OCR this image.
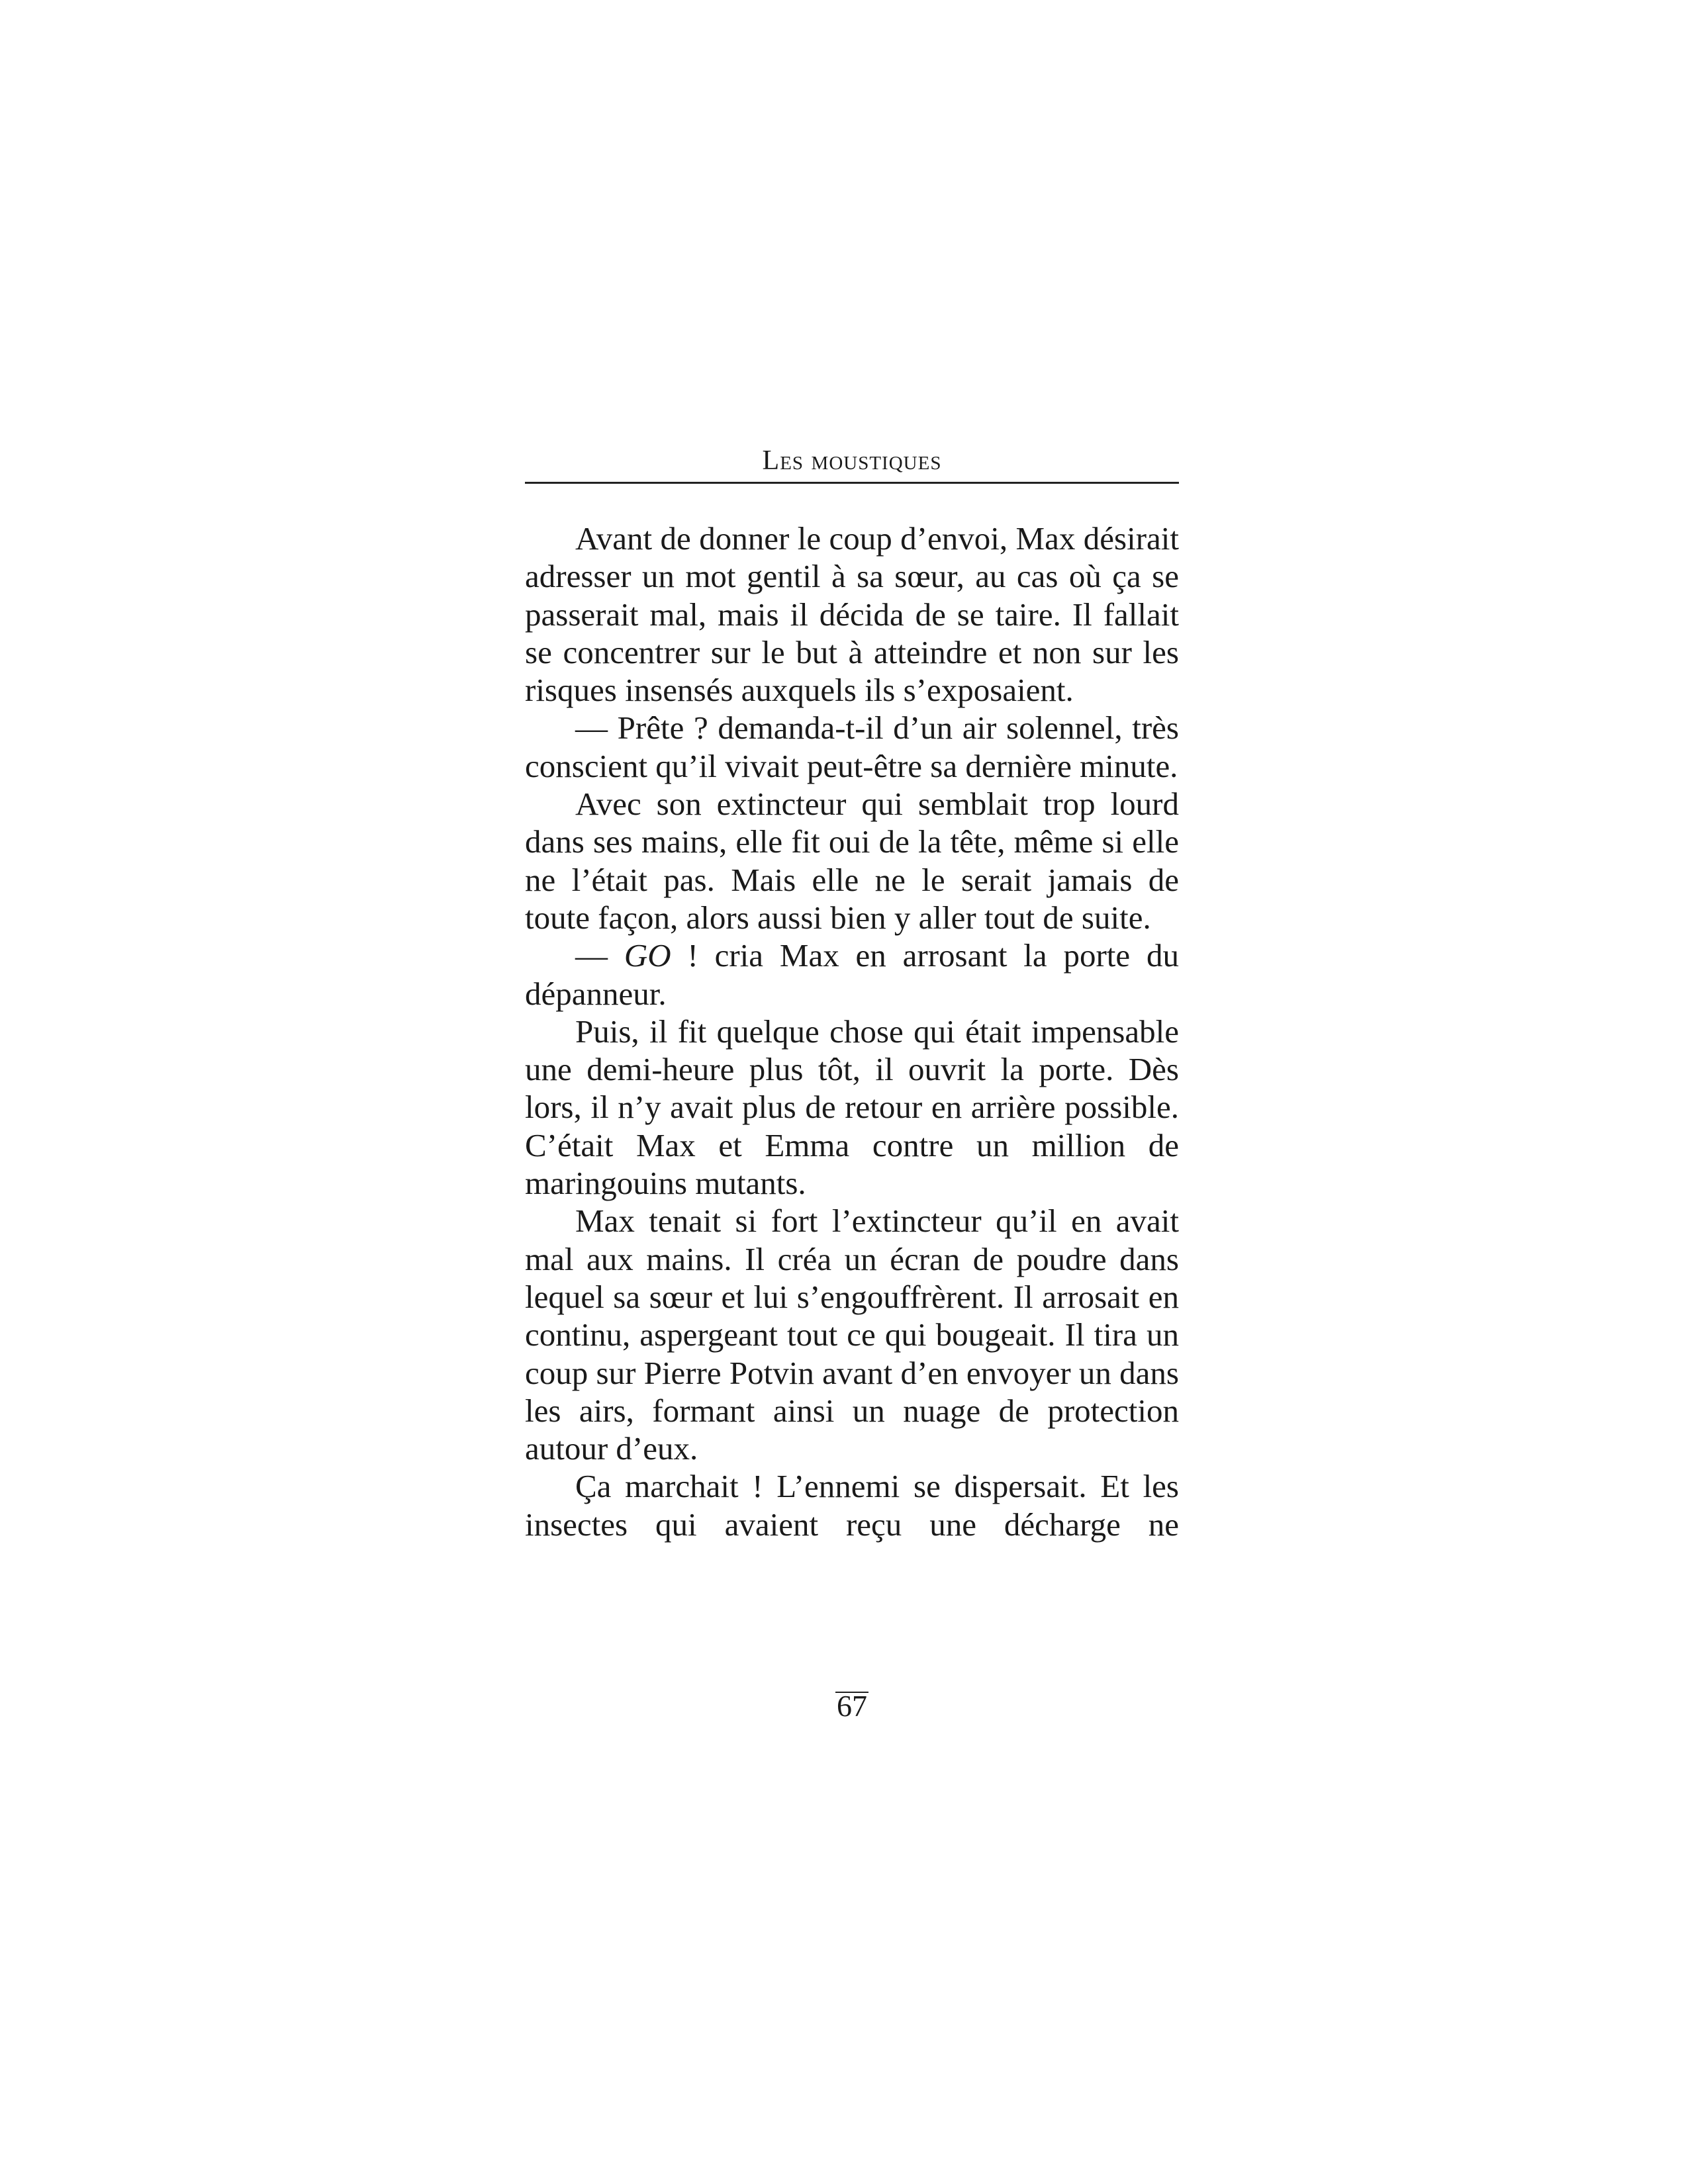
Les moustiques

Avant de donner le coup d’envoi, Max désirait adresser un mot gentil à sa sœur, au cas où ça se passerait mal, mais il décida de se taire. Il fallait se concentrer sur le but à atteindre et non sur les risques insensés auxquels ils s’exposaient.

— Prête ? demanda-t-il d’un air solennel, très conscient qu’il vivait peut-être sa dernière minute.

Avec son extincteur qui semblait trop lourd dans ses mains, elle fit oui de la tête, même si elle ne l’était pas. Mais elle ne le serait jamais de toute façon, alors aussi bien y aller tout de suite.

— GO ! cria Max en arrosant la porte du dépanneur.

Puis, il fit quelque chose qui était impensable une demi-heure plus tôt, il ouvrit la porte. Dès lors, il n’y avait plus de retour en arrière possible. C’était Max et Emma contre un million de maringouins mutants.

Max tenait si fort l’extincteur qu’il en avait mal aux mains. Il créa un écran de poudre dans lequel sa sœur et lui s’engouffrèrent. Il arrosait en continu, aspergeant tout ce qui bougeait. Il tira un coup sur Pierre Potvin avant d’en envoyer un dans les airs, formant ainsi un nuage de protection autour d’eux.

Ça marchait ! L’ennemi se dispersait. Et les insectes qui avaient reçu une décharge ne

67
